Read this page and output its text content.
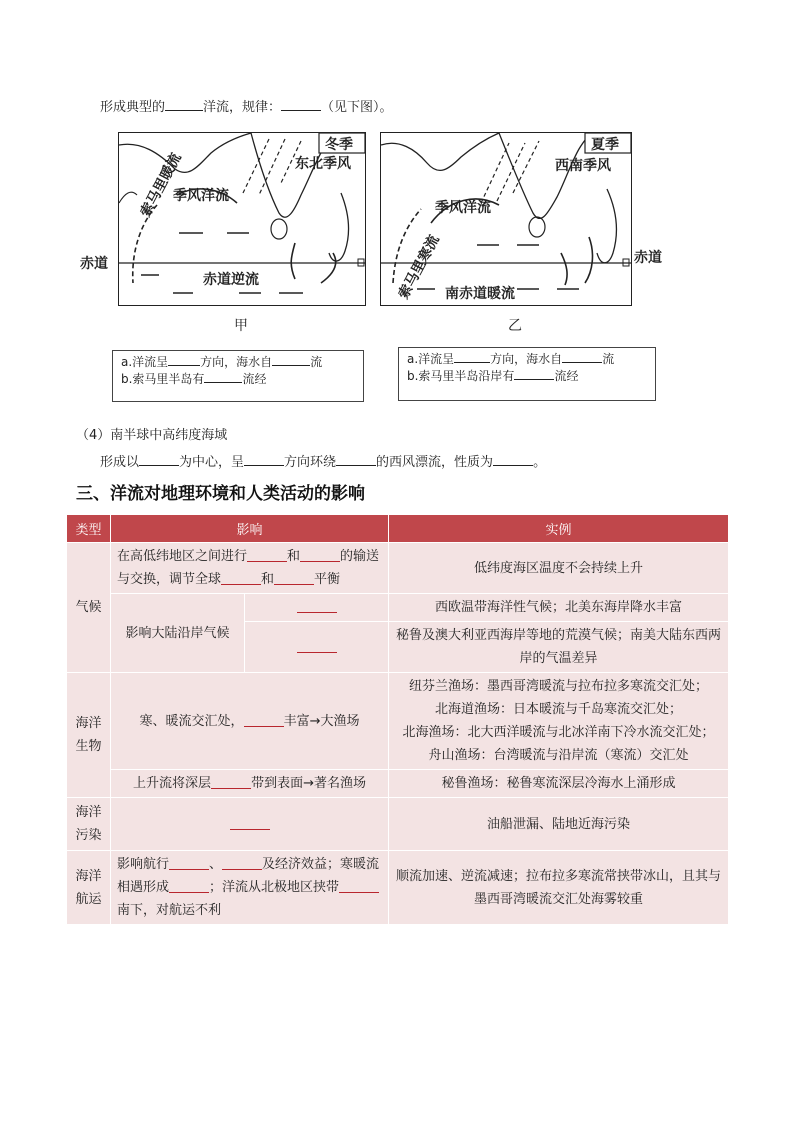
形成典型的	洋流，规律：	（见下图）。
冬季
东北季风
季风洋流
索马里暖流
赤道逆流
赤道
甲
夏季
西南季风
季风洋流
索马里寒流 南赤道暖流
赤道
乙
a.洋流呈	方向，海水自	流
b.索马里半岛有	流经
a.洋流呈	方向，海水自	流
b.索马里半岛沿岸有	流经
（4）南半球中高纬度海域
形成以	为中心，呈	方向环绕	的西风漂流，性质为	。
三、洋流对地理环境和人类活动的影响
类型	影响		实例
气候	在高低纬地区之间进行 和 的输送与交换，调节全球 和 平衡		低纬度海区温度不会持续上升
	影响大陆沿岸气候		西欧温带海洋性气候；北美东海岸降水丰富
			秘鲁及澳大利亚西海岸等地的荒漠气候；南美大陆东西两岸的气温差异
海洋生物	寒、暖流交汇处， 丰富→大渔场		纽芬兰渔场：墨西哥湾暖流与拉布拉多寒流交汇处；
北海道渔场：日本暖流与千岛寒流交汇处；
北海渔场：北大西洋暖流与北冰洋南下冷水流交汇处；
舟山渔场：台湾暖流与沿岸流（寒流）交汇处

	上升流将深层 带到表面→著名渔场		秘鲁渔场：秘鲁寒流深层冷海水上涌形成
海洋污染			油船泄漏、陆地近海污染
海洋航运	影响航行 、 及经济效益；寒暖流相遇形成 ；洋流从北极地区挟带南下，对航运不利		顺流加速、逆流减速；拉布拉多寒流常挟带冰山，且其与墨西哥湾暖流交汇处海雾较重
